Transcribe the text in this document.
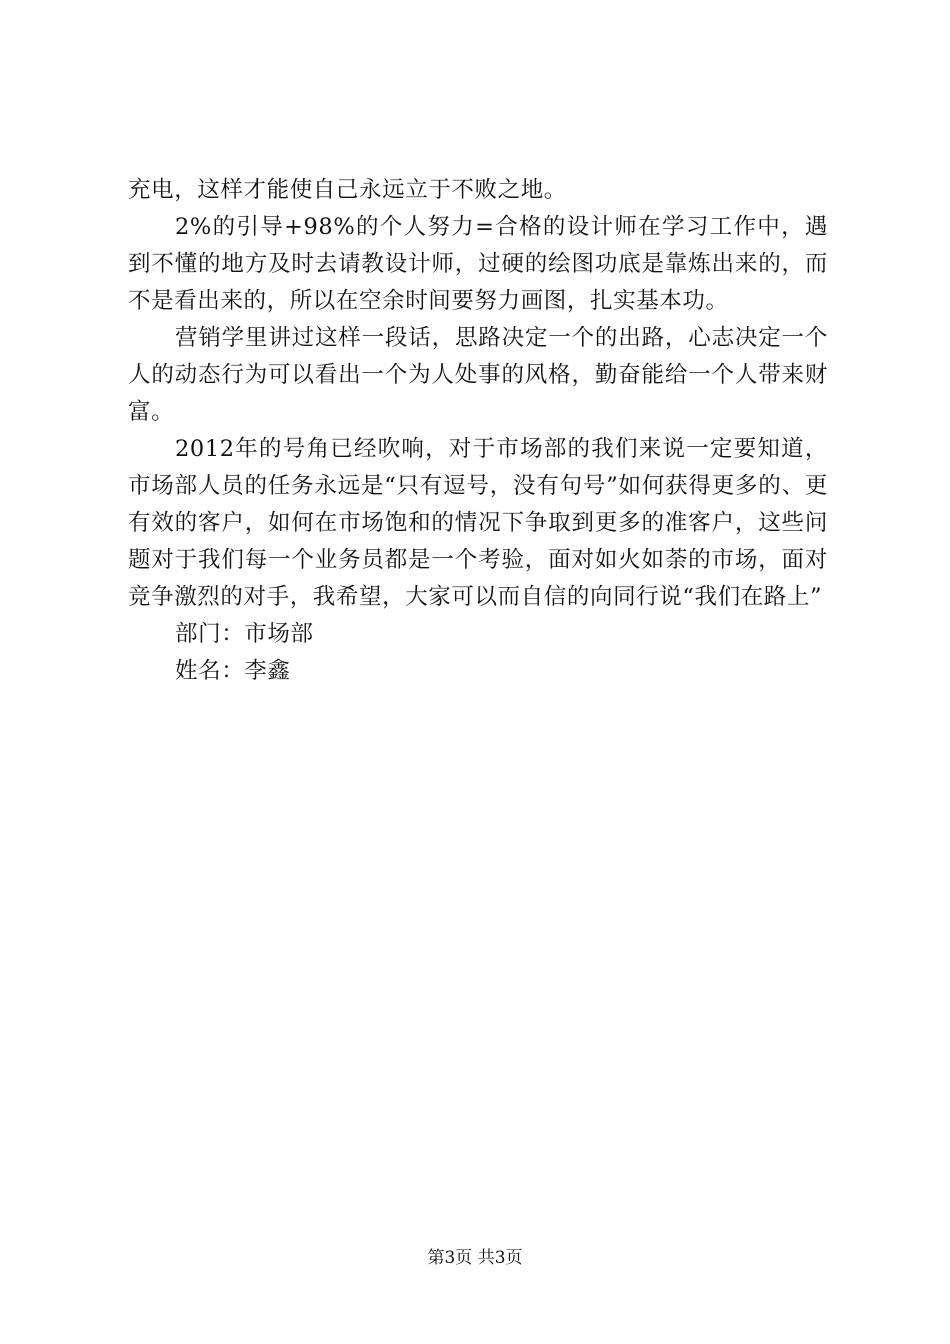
充电，这样才能使自己永远立于不败之地。

2%的引导+98%的个人努力=合格的设计师在学习工作中，遇到不懂的地方及时去请教设计师，过硬的绘图功底是靠炼出来的，而不是看出来的，所以在空余时间要努力画图，扎实基本功。

营销学里讲过这样一段话，思路决定一个的出路，心志决定一个人的动态行为可以看出一个为人处事的风格，勤奋能给一个人带来财富。

2012年的号角已经吹响，对于市场部的我们来说一定要知道，市场部人员的任务永远是“只有逗号，没有句号”如何获得更多的、更有效的客户，如何在市场饱和的情况下争取到更多的准客户，这些问题对于我们每一个业务员都是一个考验，面对如火如荼的市场，面对竞争激烈的对手，我希望，大家可以而自信的向同行说“我们在路上”

部门：市场部

姓名：李鑫

第3页 共3页
